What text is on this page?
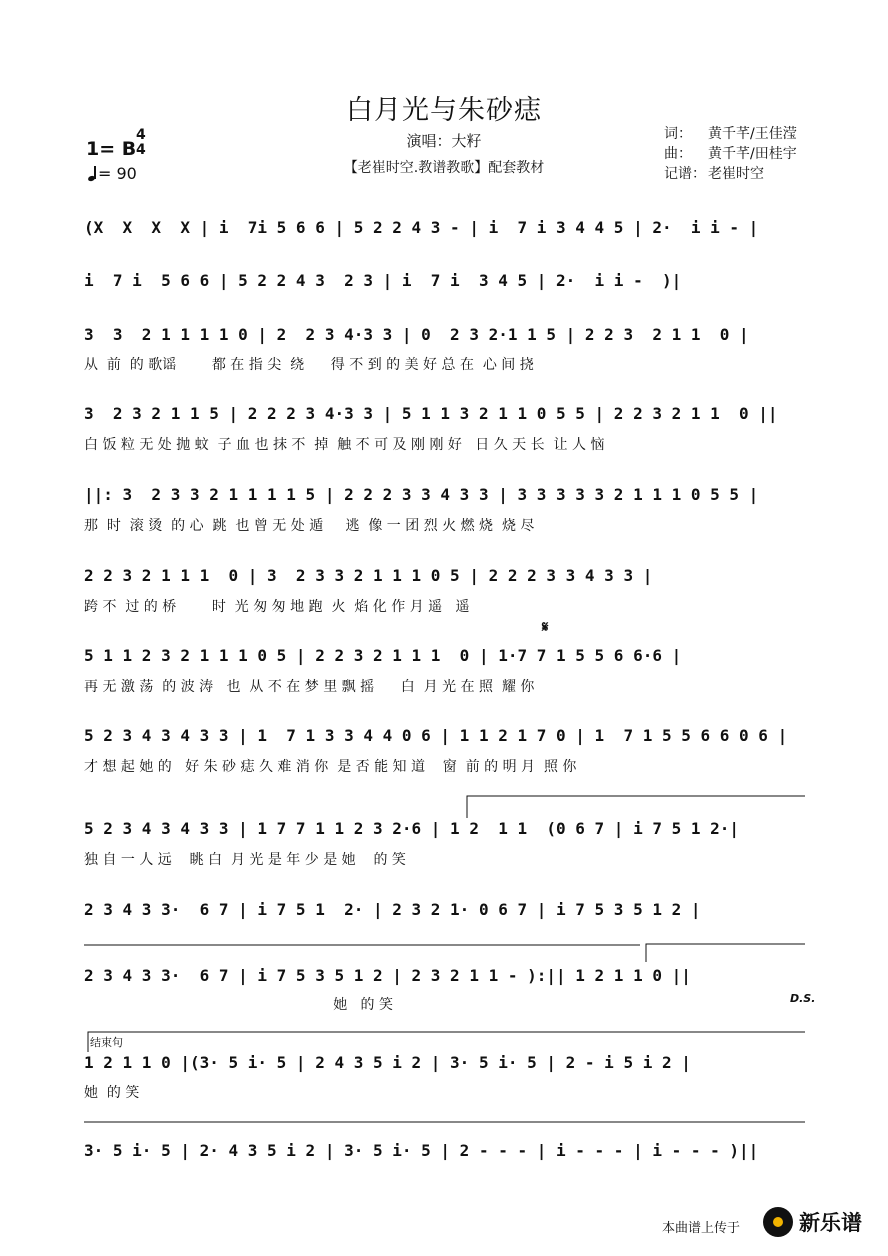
白月光与朱砂痣
1= B
4
4
= 90
演唱：大籽
【老崔时空.教谱教歌】配套教材
词： 黄千芊/王佳滢
曲： 黄千芊/田桂宇
记谱： 老崔时空
(X  X  X  X | i  7i 5 6 6 | 5 2 2 4 3 - | i  7 i 3 4 4 5 | 2·  i i - |
i  7 i  5 6 6 | 5 2 2 4 3  2 3 | i  7 i  3 4 5 | 2·  i i -  )|
3  3  2 1 1 1 1 0 | 2  2 3 4·3 3 | 0  2 3 2·1 1 5 | 2 2 3  2 1 1  0 |
从  前  的 歌谣        都 在 指 尖  绕      得 不 到 的 美 好 总 在  心 间 挠
3  2 3 2 1 1 5 | 2 2 2 3 4·3 3 | 5 1 1 3 2 1 1 0 5 5 | 2 2 3 2 1 1  0 ||
白 饭 粒 无 处 抛 蚊  子 血 也 抹 不  掉  触 不 可 及 刚 刚 好   日 久 天 长  让 人 恼
||: 3  2 3 3 2 1 1 1 1 5 | 2 2 2 3 3 4 3 3 | 3 3 3 3 3 2 1 1 1 0 5 5 |
那  时  滚 烫  的 心  跳  也 曾 无 处 遁     逃  像 一 团 烈 火 燃 烧  烧 尽
2 2 3 2 1 1 1  0 | 3  2 3 3 2 1 1 1 0 5 | 2 2 2 3 3 4 3 3 |
跨 不  过 的 桥        时  光 匆 匆 地 跑  火  焰 化 作 月 遥   遥
𝄋
5 1 1 2 3 2 1 1 1 0 5 | 2 2 3 2 1 1 1  0 | 1·7 7 1 5 5 6 6·6 |
再 无 激 荡  的 波 涛   也  从 不 在 梦 里 飘 摇      白  月 光 在 照  耀 你
5 2 3 4 3 4 3 3 | 1  7 1 3 3 4 4 0 6 | 1 1 2 1 7 0 | 1  7 1 5 5 6 6 0 6 |
才 想 起 她 的   好 朱 砂 痣 久 难 消 你  是 否 能 知 道    窗  前 的 明 月  照 你
5 2 3 4 3 4 3 3 | 1 7 7 1 1 2 3 2·6 | 1 2  1 1  (0 6 7 | i 7 5 1 2·|
独 自 一 人 远    眺 白  月 光 是 年 少 是 她    的 笑
2 3 4 3 3·  6 7 | i 7 5 1  2· | 2 3 2 1· 0 6 7 | i 7 5 3 5 1 2 |
2 3 4 3 3·  6 7 | i 7 5 3 5 1 2 | 2 3 2 1 1 - ):|| 1 2 1 1 0 ||
她   的 笑	D.S.
结束句
1 2 1 1 0 |(3· 5 i· 5 | 2 4 3 5 i 2 | 3· 5 i· 5 | 2 - i 5 i 2 |
她  的 笑
3· 5 i· 5 | 2· 4 3 5 i 2 | 3· 5 i· 5 | 2 - - - | i - - - | i - - - )||
本曲谱上传于	新乐谱
